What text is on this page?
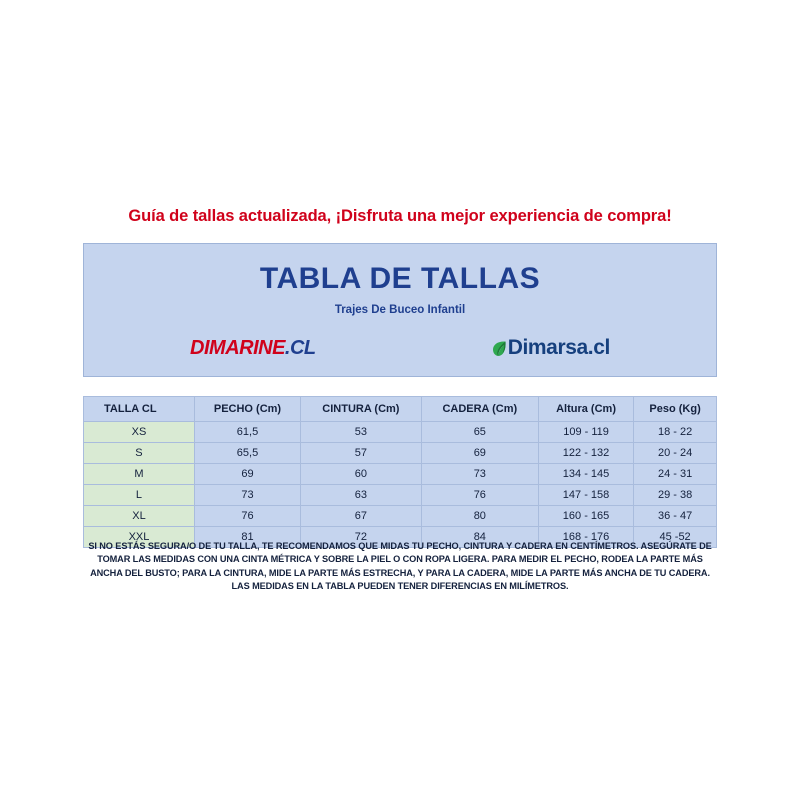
Guía de tallas actualizada, ¡Disfruta una mejor experiencia de compra!
TABLA DE TALLAS
Trajes De Buceo Infantil
DIMARINE.CL	Dimarsa .cl
TALLA CL	PECHO (Cm)	CINTURA (Cm)	CADERA (Cm)	Altura (Cm)	Peso (Kg)
XS	61,5	53	65	109 - 119	18 - 22
S	65,5	57	69	122 - 132	20 - 24
M	69	60	73	134 - 145	24 - 31
L	73	63	76	147 - 158	29 - 38
XL	76	67	80	160 - 165	36 - 47
XXL	81	72	84	168 - 176	45 -52
SI NO ESTÁS SEGURA/O DE TU TALLA, TE RECOMENDAMOS QUE MIDAS TU PECHO, CINTURA Y CADERA EN CENTÍMETROS. ASEGÚRATE DE TOMAR LAS MEDIDAS CON UNA CINTA MÉTRICA Y SOBRE LA PIEL O CON ROPA LIGERA. PARA MEDIR EL PECHO, RODEA LA PARTE MÁS ANCHA DEL BUSTO; PARA LA CINTURA, MIDE LA PARTE MÁS ESTRECHA, Y PARA LA CADERA, MIDE LA PARTE MÁS ANCHA DE TU CADERA. LAS MEDIDAS EN LA TABLA PUEDEN TENER DIFERENCIAS EN MILÍMETROS.
